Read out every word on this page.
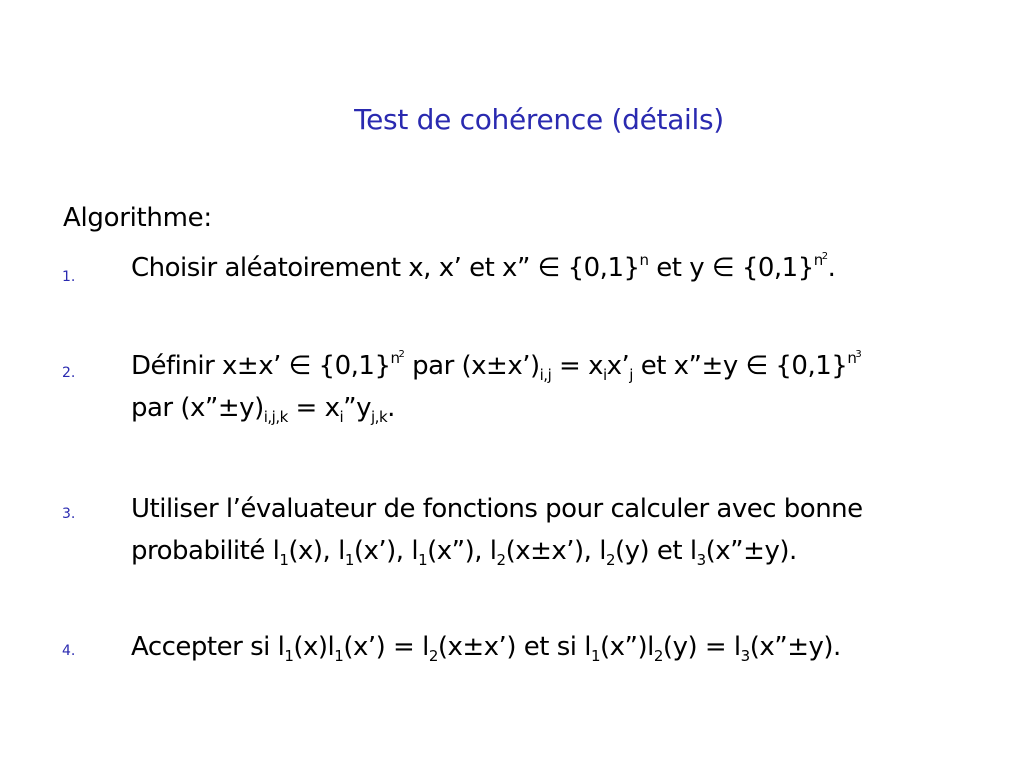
Test de cohérence (détails)
Algorithme:
1. Choisir aléatoirement x, x’ et x” ∈ $\{0,1\}^n$ et y ∈ $\{0,1\}^{n2}$.
2. Définir x±x’ ∈ $\{0,1\}^{n2}$ par $(x\pm x’)_{i,j}$ = $x_ix’_j$ et x”±y ∈ $\{0,1\}^{n3}$
par $(x”\pm y)_{i,j,k}$ = $x_i”y_{j,k}$.
3. Utiliser l’évaluateur de fonctions pour calculer avec bonne
probabilité $l_1(x)$, $l_1(x’)$, $l_1(x”)$, $l_2(x\pm x’)$, $l_2(y)$ et $l_3(x”\pm y)$.
4. Accepter si $l_1(x)l_1(x’)$ = $l_2(x\pm x’)$ et si $l_1(x”)l_2(y)$ = $l_3(x”\pm y)$.
